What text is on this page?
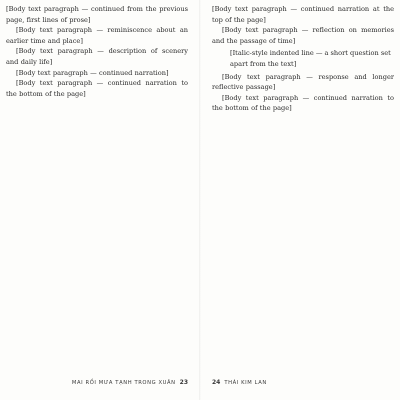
[Body text paragraph — continued from the previous page, first lines of prose]

[Body text paragraph — reminiscence about an earlier time and place]

[Body text paragraph — description of scenery and daily life]

[Body text paragraph — continued narration]

[Body text paragraph — continued narration to the bottom of the page]

MAI RỒI MƯA TẠNH TRONG XUÂN 23

[Body text paragraph — continued narration at the top of the page]

[Body text paragraph — reflection on memories and the passage of time]

[Italic-style indented line — a short question set apart from the text]

[Body text paragraph — response and longer reflective passage]

[Body text paragraph — continued narration to the bottom of the page]

24 THÁI KIM LAN
